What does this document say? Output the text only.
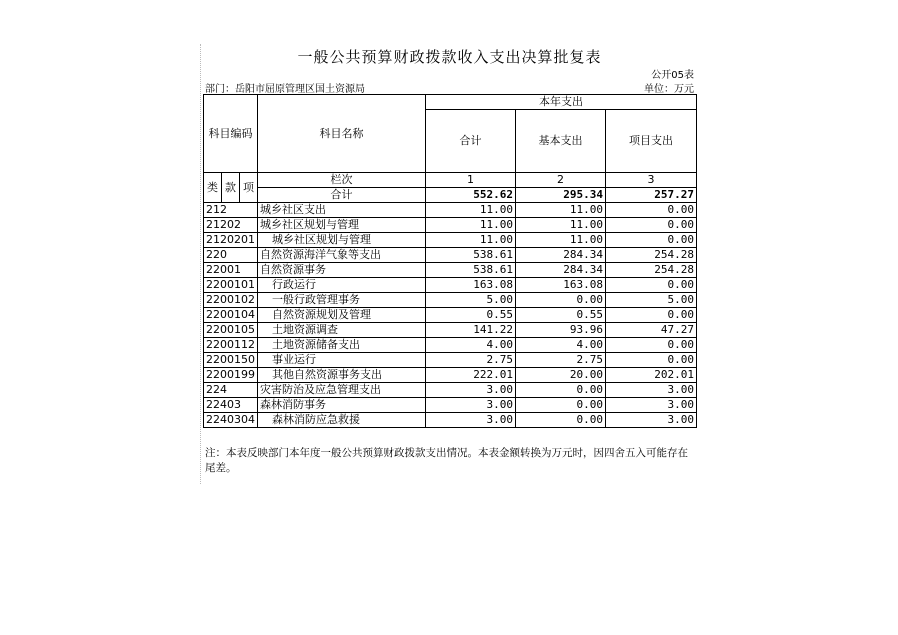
一般公共预算财政拨款收入支出决算批复表
公开05表
部门：岳阳市屈原管理区国土资源局	单位：万元
科目编码			科目名称	本年支出		
				合计	基本支出	项目支出

类	款	项	栏次	1	2	3
			合计	552.62	295.34	257.27
212			城乡社区支出	11.00	11.00	0.00
21202			城乡社区规划与管理	11.00	11.00	0.00
2120201			城乡社区规划与管理	11.00	11.00	0.00
220			自然资源海洋气象等支出	538.61	284.34	254.28
22001			自然资源事务	538.61	284.34	254.28
2200101			行政运行	163.08	163.08	0.00
2200102			一般行政管理事务	5.00	0.00	5.00
2200104			自然资源规划及管理	0.55	0.55	0.00
2200105			土地资源调查	141.22	93.96	47.27
2200112			土地资源储备支出	4.00	4.00	0.00
2200150			事业运行	2.75	2.75	0.00
2200199			其他自然资源事务支出	222.01	20.00	202.01
224			灾害防治及应急管理支出	3.00	0.00	3.00
22403			森林消防事务	3.00	0.00	3.00
2240304			森林消防应急救援	3.00	0.00	3.00
注：本表反映部门本年度一般公共预算财政拨款支出情况。本表金额转换为万元时，因四舍五入可能存在尾差。
